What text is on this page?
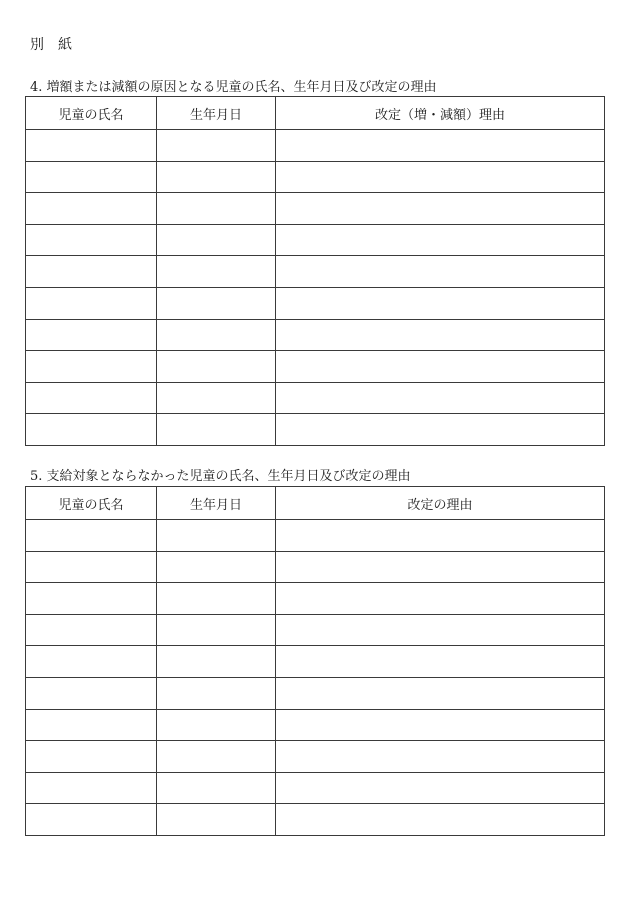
別　紙
4. 増額または減額の原因となる児童の氏名、生年月日及び改定の理由
児童の氏名	生年月日	改定（増・減額）理由

5. 支給対象とならなかった児童の氏名、生年月日及び改定の理由
児童の氏名	生年月日	改定の理由
